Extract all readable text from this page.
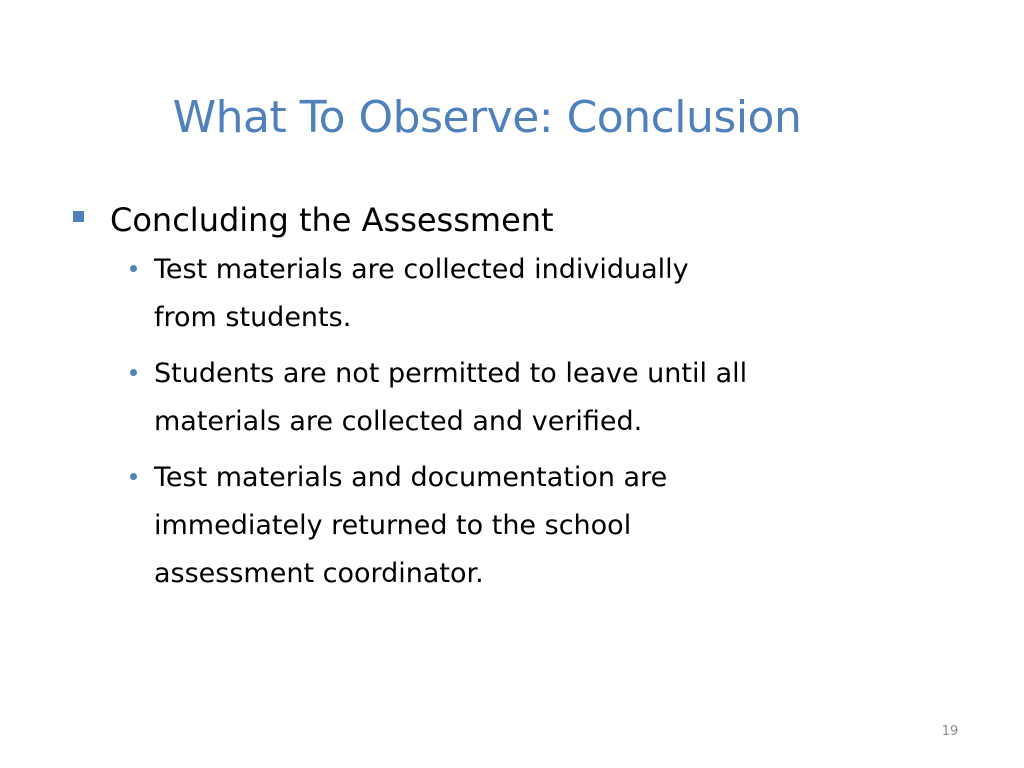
What To Observe: Conclusion
Concluding the Assessment
Test materials are collected individually
from students.
Students are not permitted to leave until all
materials are collected and verified.
Test materials and documentation are
immediately returned to the school
assessment coordinator.
19
